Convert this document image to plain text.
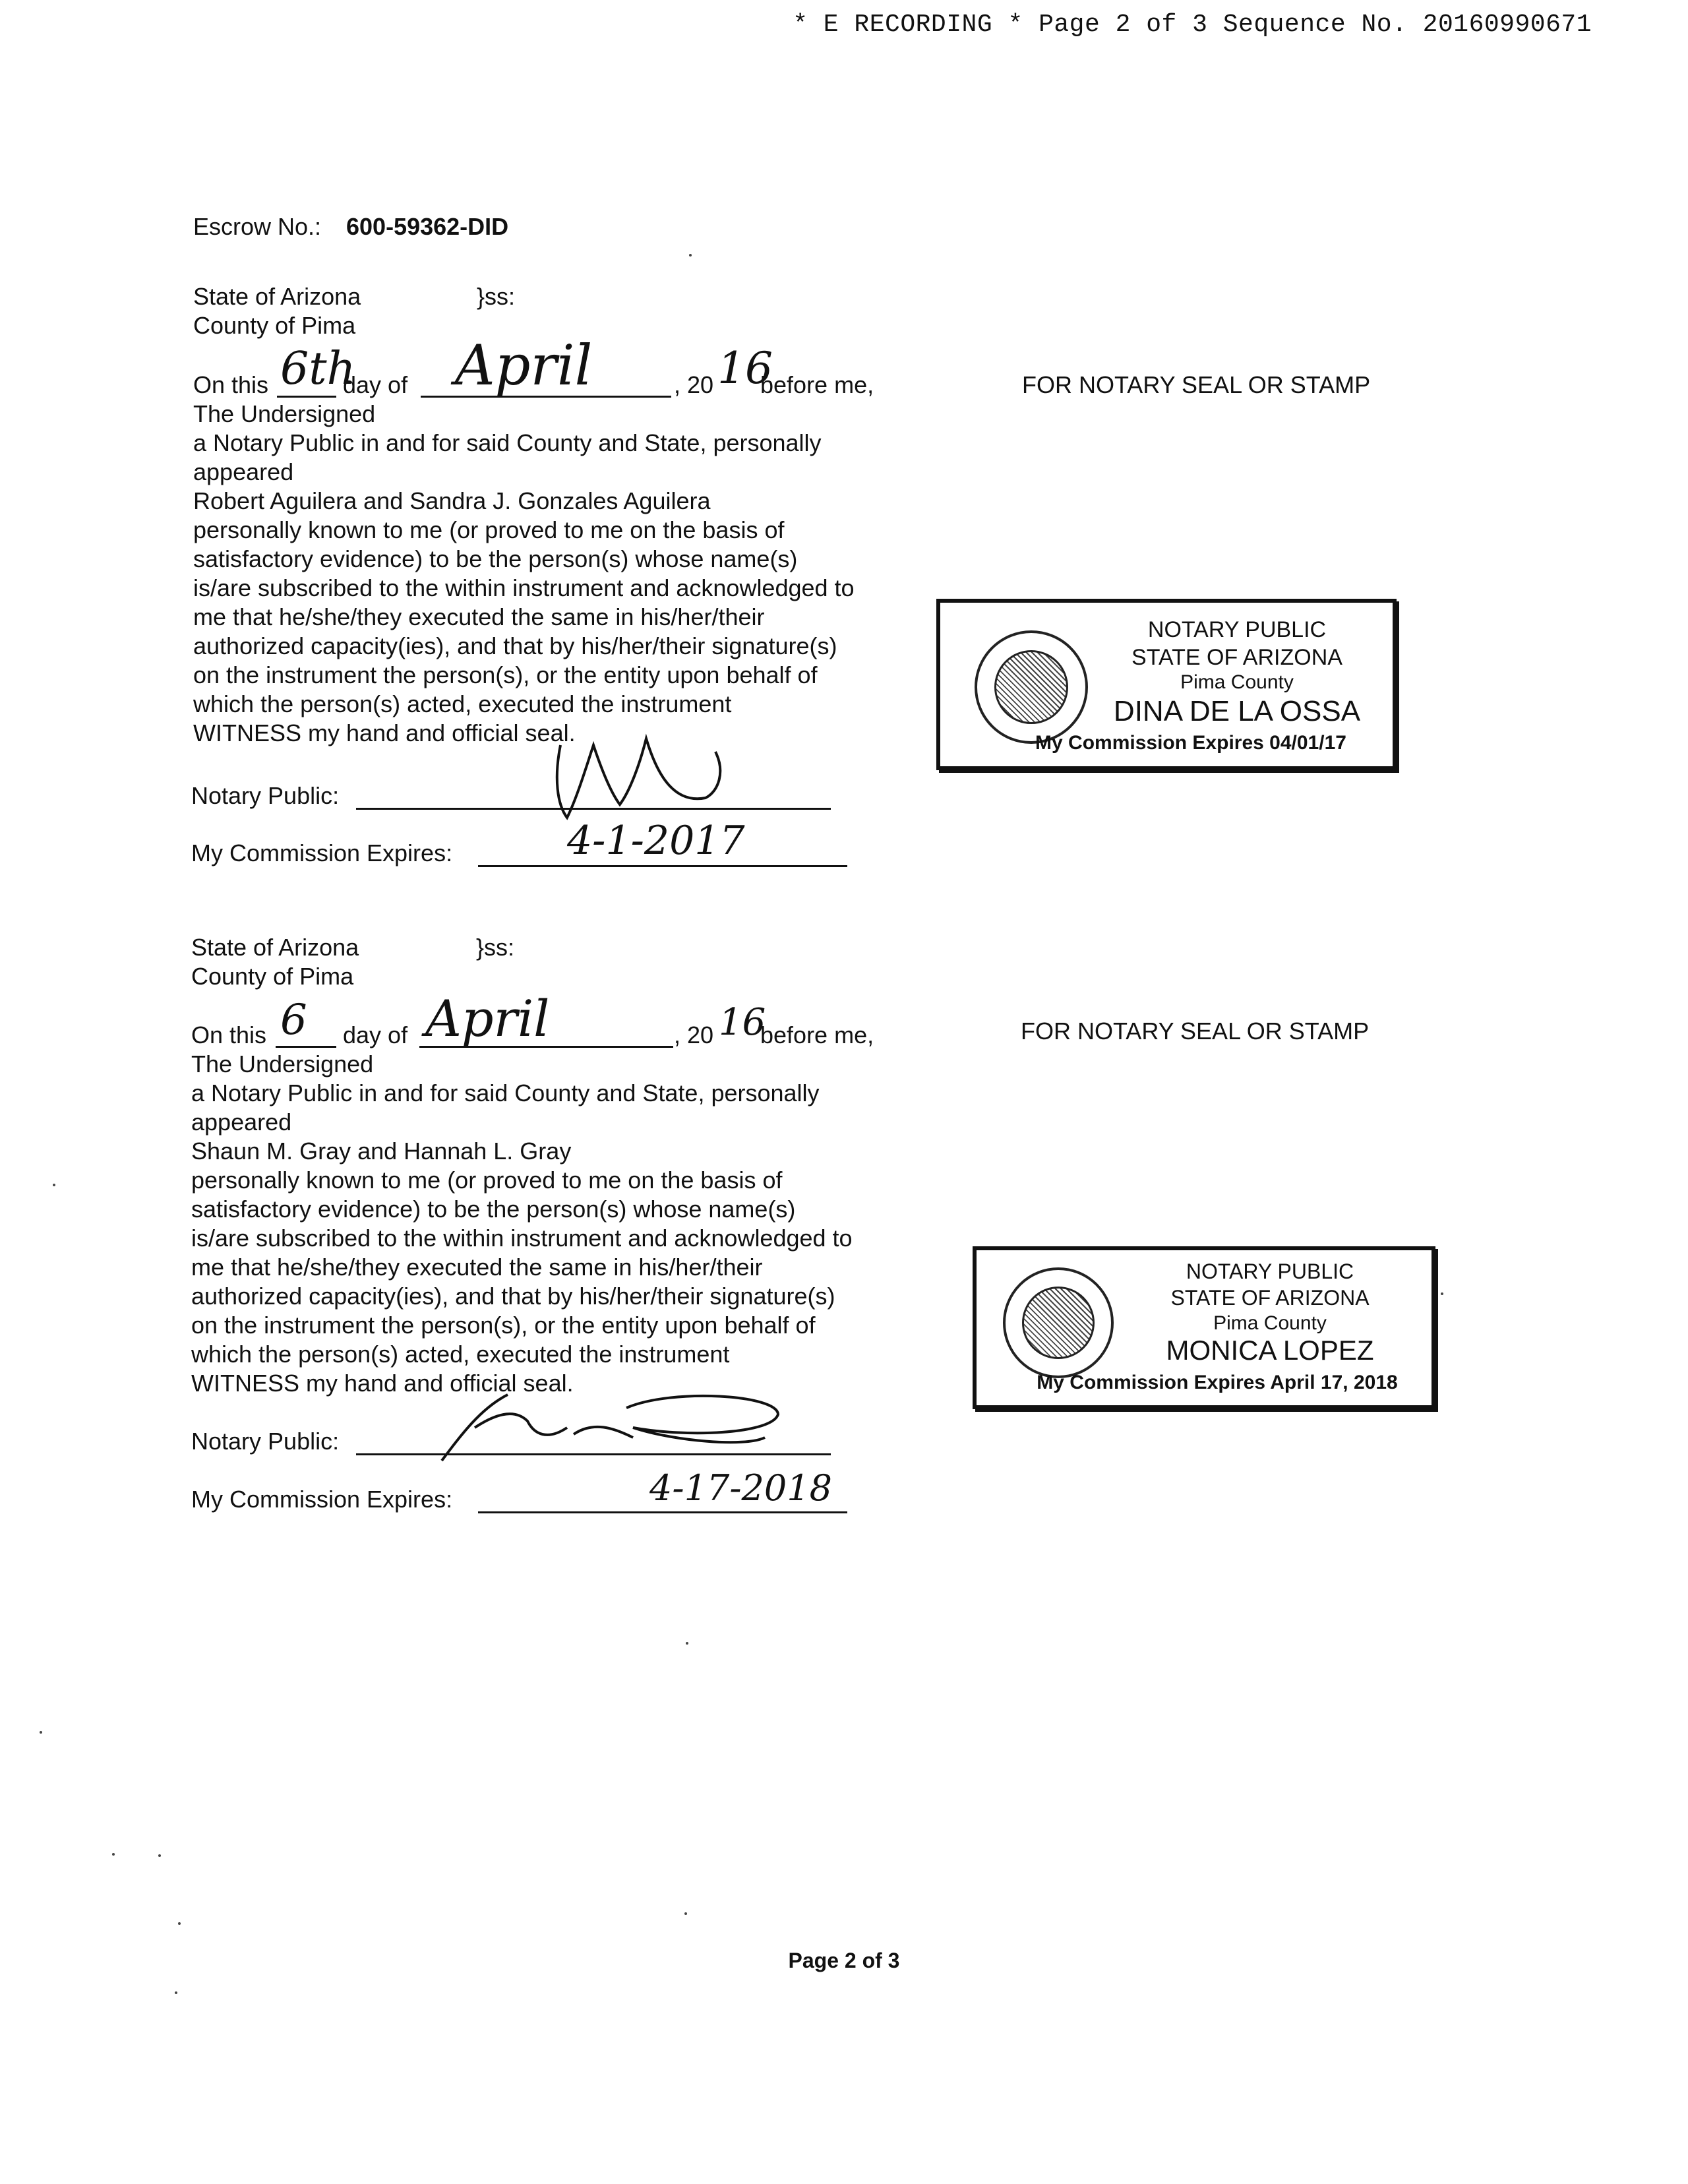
* E RECORDING * Page 2 of 3 Sequence No. 20160990671
Escrow No.: 600-59362-DID
State of Arizona	}ss:
County of Pima
On this 6th
day of April	, 20 16
before me,
The Undersigned
a Notary Public in and for said County and State, personally
appeared
Robert Aguilera and Sandra J. Gonzales Aguilera
personally known to me (or proved to me on the basis of
satisfactory evidence) to be the person(s) whose name(s)
is/are subscribed to the within instrument and acknowledged to
me that he/she/they executed the same in his/her/their
authorized capacity(ies), and that by his/her/their signature(s)
on the instrument the person(s), or the entity upon behalf of
which the person(s) acted, executed the instrument
WITNESS my hand and official seal.
Notary Public:
My Commission Expires:	4-1-2017
FOR NOTARY SEAL OR STAMP
NOTARY PUBLIC
STATE OF ARIZONA
Pima County
DINA DE LA OSSA
My Commission Expires 04/01/17
State of Arizona	}ss:
County of Pima
On this 6 day of April	, 20 16
before me,
The Undersigned
a Notary Public in and for said County and State, personally
appeared
Shaun M. Gray and Hannah L. Gray
personally known to me (or proved to me on the basis of
satisfactory evidence) to be the person(s) whose name(s)
is/are subscribed to the within instrument and acknowledged to
me that he/she/they executed the same in his/her/their
authorized capacity(ies), and that by his/her/their signature(s)
on the instrument the person(s), or the entity upon behalf of
which the person(s) acted, executed the instrument
WITNESS my hand and official seal.
Notary Public:
My Commission Expires:	4-17-2018
FOR NOTARY SEAL OR STAMP
NOTARY PUBLIC
STATE OF ARIZONA
Pima County
MONICA LOPEZ
My Commission Expires April 17, 2018
Page 2 of 3
